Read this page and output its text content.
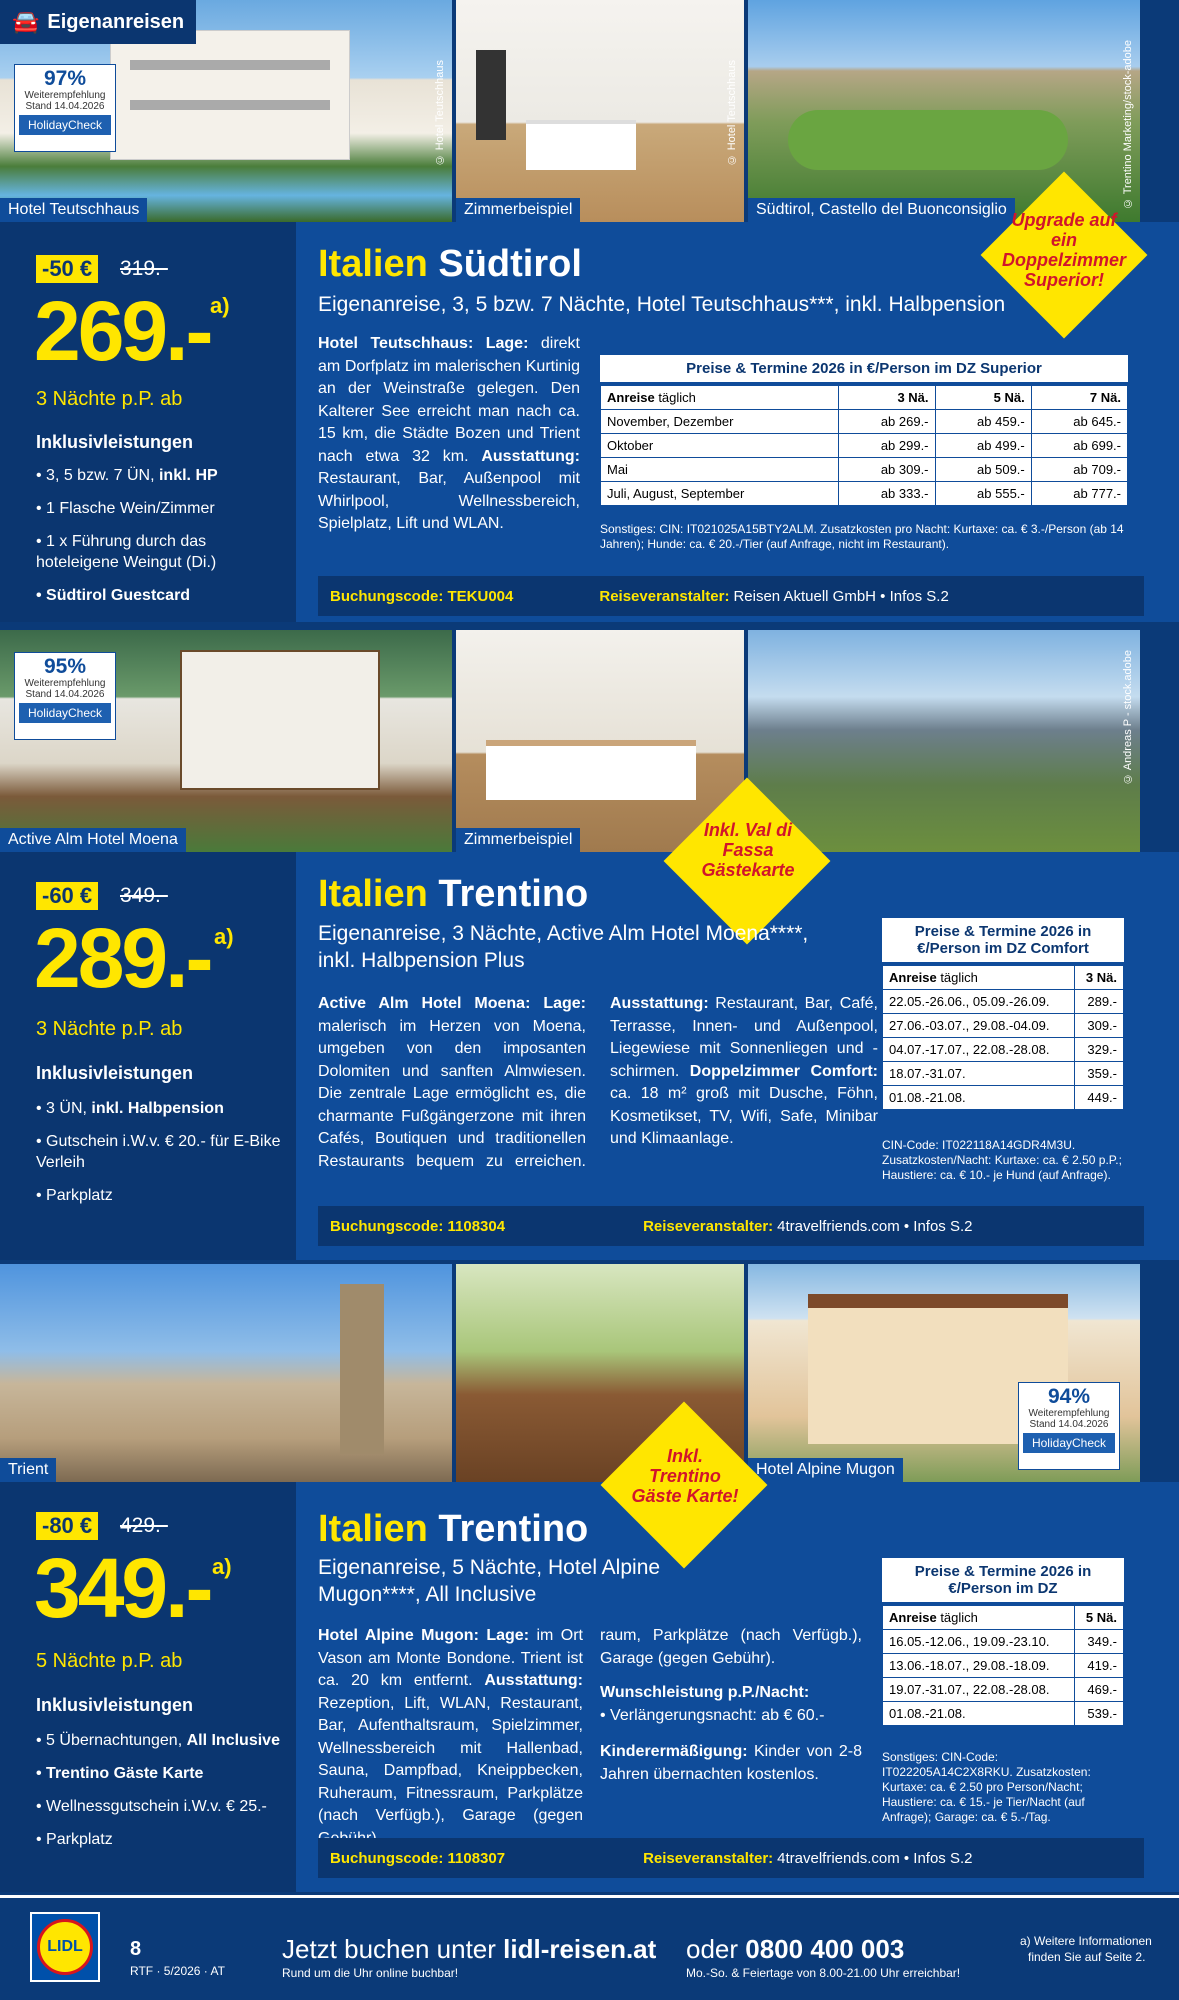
🚘 Eigenanreisen
Hotel Teutschhaus
© Hotel Teutschhaus
Zimmerbeispiel
© Hotel Teutschhaus
Südtirol, Castello del Buonconsiglio
© Trentino Marketing/stock-adobe
97%
Weiterempfehlung
Stand 14.04.2026
HolidayCheck
-50 € 319.-
269.- a)
3 Nächte p.P. ab
Inklusivleistungen
• 3, 5 bzw. 7 ÜN, inkl. HP
• 1 Flasche Wein/Zimmer
• 1 x Führung durch das hoteleigene Weingut (Di.)
• Südtirol Guestcard
Italien Südtirol
Eigenanreise, 3, 5 bzw. 7 Nächte, Hotel Teutschhaus***, inkl. Halbpension
Upgrade auf ein Doppelzimmer Superior!
Hotel Teutschhaus: Lage: direkt am Dorfplatz im malerischen Kurtinig an der Weinstraße gelegen. Den Kalterer See erreicht man nach ca. 15 km, die Städte Bozen und Trient nach etwa 32 km. Ausstattung: Restaurant, Bar, Außenpool mit Whirlpool, Wellnessbereich, Spielplatz, Lift und WLAN.
Preise & Termine 2026 in €/Person im DZ Superior
Anreise täglich	3 Nä.	5 Nä.	7 Nä.
November, Dezember	ab 269.-	ab 459.-	ab 645.-
Oktober	ab 299.-	ab 499.-	ab 699.-
Mai	ab 309.-	ab 509.-	ab 709.-
Juli, August, September	ab 333.-	ab 555.-	ab 777.-
Sonstiges: CIN: IT021025A15BTY2ALM. Zusatzkosten pro Nacht: Kurtaxe: ca. € 3.-/Person (ab 14 Jahren); Hunde: ca. € 20.-/Tier (auf Anfrage, nicht im Restaurant).
Buchungscode: TEKU004	Reiseveranstalter: Reisen Aktuell GmbH • Infos S.2
Active Alm Hotel Moena	Zimmerbeispiel
© Andreas P - stock.adobe
95%
Weiterempfehlung
Stand 14.04.2026
HolidayCheck
-60 € 349.-
289.- a)
3 Nächte p.P. ab
Inklusivleistungen
• 3 ÜN, inkl. Halbpension
• Gutschein i.W.v. € 20.- für E-Bike Verleih
• Parkplatz
Inkl. Val di Fassa Gästekarte
Italien Trentino
Eigenanreise, 3 Nächte, Active Alm Hotel Moena****, inkl. Halbpension Plus
Active Alm Hotel Moena: Lage: malerisch im Herzen von Moena, umgeben von den imposanten Dolomiten und sanften Almwiesen. Die zentrale Lage ermöglicht es, die charmante Fußgängerzone mit ihren Cafés, Boutiquen und traditionellen Restaurants bequem zu erreichen. Ausstattung: Restaurant, Bar, Café, Terrasse, Innen- und Außenpool, Liegewiese mit Sonnenliegen und -schirmen. Doppelzimmer Comfort: ca. 18 m² groß mit Dusche, Föhn, Kosmetikset, TV, Wifi, Safe, Minibar und Klimaanlage.
Preise & Termine 2026 in €/Person im DZ Comfort
Anreise täglich	3 Nä.
22.05.-26.06., 05.09.-26.09.	289.-
27.06.-03.07., 29.08.-04.09.	309.-
04.07.-17.07., 22.08.-28.08.	329.-
18.07.-31.07.	359.-
01.08.-21.08.	449.-
CIN-Code: IT022118A14GDR4M3U. Zusatzkosten/Nacht: Kurtaxe: ca. € 2.50 p.P.; Haustiere: ca. € 10.- je Hund (auf Anfrage).
Buchungscode: 1108304	Reiseveranstalter: 4travelfriends.com • Infos S.2
Trient	Hotel Alpine Mugon
94%
Weiterempfehlung
Stand 14.04.2026
HolidayCheck
-80 € 429.-
349.- a)
5 Nächte p.P. ab
Inklusivleistungen
• 5 Übernachtungen, All Inclusive
• Trentino Gäste Karte
• Wellnessgutschein i.W.v. € 25.-
• Parkplatz
Inkl. Trentino Gäste Karte!
Italien Trentino
Eigenanreise, 5 Nächte, Hotel Alpine Mugon****, All Inclusive
Hotel Alpine Mugon: Lage: im Ort Vason am Monte Bondone. Trient ist ca. 20 km entfernt. Ausstattung: Rezeption, Lift, WLAN, Restaurant, Bar, Aufenthaltsraum, Spielzimmer, Wellnessbereich mit Hallenbad, Sauna, Dampfbad, Kneippbecken, Ruheraum, Fitnessraum, Parkplätze (nach Verfügb.), Garage (gegen
raum, Parkplätze (nach Verfügb.), Garage (gegen Gebühr).
Wunschleistung p.P./Nacht:
• Verlängerungsnacht: ab € 60.-
Kinderermäßigung: Kinder von 2-8 Jahren übernachten kostenlos.
Preise & Termine 2026 in €/Person im DZ
Anreise täglich	5 Nä.
16.05.-12.06., 19.09.-23.10.	349.-
13.06.-18.07., 29.08.-18.09.	419.-
19.07.-31.07., 22.08.-28.08.	469.-
01.08.-21.08.	539.-
Sonstiges: CIN-Code: IT022205A14C2X8RKU. Zusatzkosten: Kurtaxe: ca. € 2.50 pro Person/Nacht; Haustiere: ca. € 15.- je Tier/Nacht (auf Anfrage); Garage: ca. € 5.-/Tag.
Buchungscode: 1108307	Reiseveranstalter: 4travelfriends.com • Infos S.2
LIDL	8
RTF · 5/2026 · AT
Jetzt buchen unter lidl-reisen.at
Rund um die Uhr online buchbar!
oder 0800 400 003
Mo.-So. & Feiertage von 8.00-21.00 Uhr erreichbar!
a) Weitere Informationen
finden Sie auf Seite 2.
